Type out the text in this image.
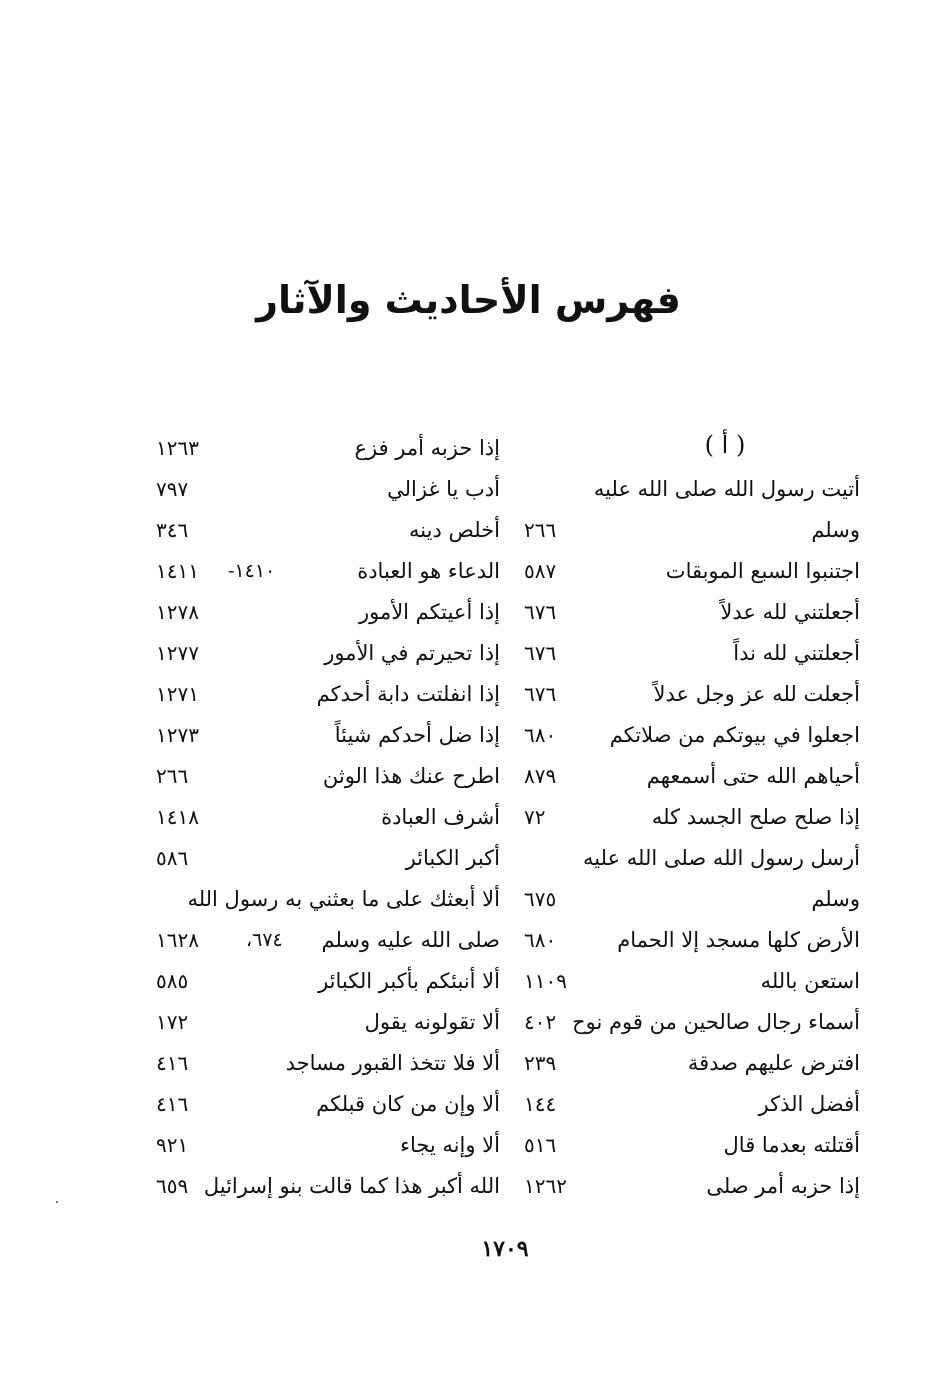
فهرس الأحاديث والآثار
( أ )
أتيت رسول الله صلى الله عليه
وسلم
٢٦٦
اجتنبوا السبع الموبقات
٥٨٧
أجعلتني لله عدلاً
٦٧٦
أجعلتني لله نداً
٦٧٦
أجعلت لله عز وجل عدلاً
٦٧٦
اجعلوا في بيوتكم من صلاتكم
٦٨٠
أحياهم الله حتى أسمعهم
٨٧٩
إذا صلح صلح الجسد كله
٧٢
أرسل رسول الله صلى الله عليه
وسلم
٦٧٥
الأرض كلها مسجد إلا الحمام
٦٨٠
استعن بالله
١١٠٩
أسماء رجال صالحين من قوم نوح
٤٠٢
افترض عليهم صدقة
٢٣٩
أفضل الذكر
١٤٤
أقتلته بعدما قال
٥١٦
إذا حزبه أمر صلى
١٢٦٢
إذا حزبه أمر فزع
١٢٦٣
أدب يا غزالي
٧٩٧
أخلص دينه
٣٤٦
الدعاء هو العبادة
١٤١٠-
١٤١١
إذا أعيتكم الأمور
١٢٧٨
إذا تحيرتم في الأمور
١٢٧٧
إذا انفلتت دابة أحدكم
١٢٧١
إذا ضل أحدكم شيئاً
١٢٧٣
اطرح عنك هذا الوثن
٢٦٦
أشرف العبادة
١٤١٨
أكبر الكبائر
٥٨٦
ألا أبعثك على ما بعثني به رسول الله
صلى الله عليه وسلم
٦٧٤،
١٦٢٨
ألا أنبئكم بأكبر الكبائر
٥٨٥
ألا تقولونه يقول
١٧٢
ألا فلا تتخذ القبور مساجد
٤١٦
ألا وإن من كان قبلكم
٤١٦
ألا وإنه يجاء
٩٢١
الله أكبر هذا كما قالت بنو إسرائيل
٦٥٩
١٧٠٩
